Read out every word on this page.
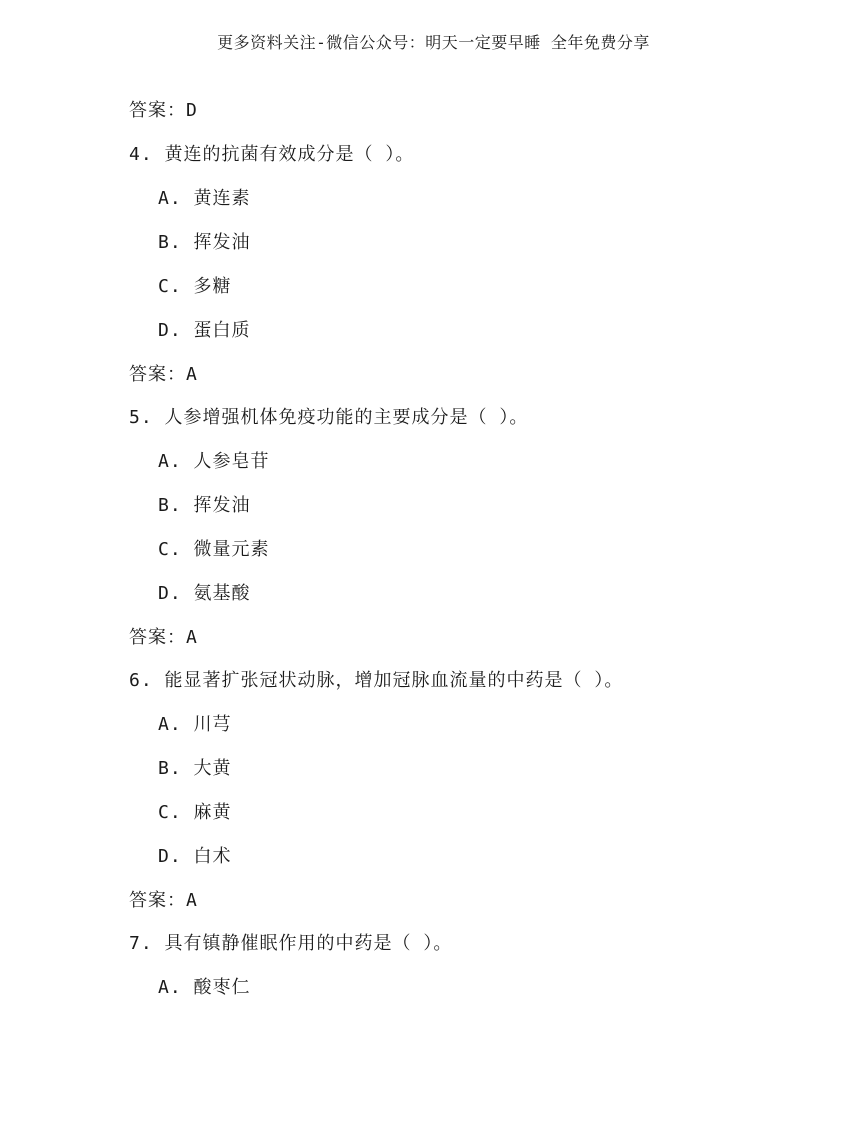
更多资料关注-微信公众号：明天一定要早睡 全年免费分享
答案：D
4. 黄连的抗菌有效成分是（ ）。
A. 黄连素
B. 挥发油
C. 多糖
D. 蛋白质
答案：A
5. 人参增强机体免疫功能的主要成分是（ ）。
A. 人参皂苷
B. 挥发油
C. 微量元素
D. 氨基酸
答案：A
6. 能显著扩张冠状动脉，增加冠脉血流量的中药是（ ）。
A. 川芎
B. 大黄
C. 麻黄
D. 白术
答案：A
7. 具有镇静催眠作用的中药是（ ）。
A. 酸枣仁
